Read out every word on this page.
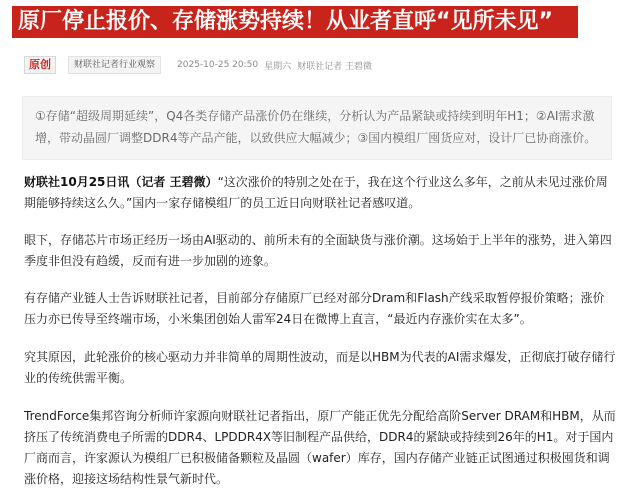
原厂停止报价、存储涨势持续！从业者直呼“见所未见”
原创	财联社记者行业观察	2025-10-25 20:50 星期六 财联社记者 王碧微
①存储“超级周期延续”，Q4各类存储产品涨价仍在继续，分析认为产品紧缺或持续到明年H1；②AI需求激增，带动晶圆厂调整DDR4等产品产能，以致供应大幅减少；③国内模组厂囤货应对，设计厂已协商涨价。

财联社10月25日讯（记者 王碧微）“这次涨价的特别之处在于，我在这个行业这么多年，之前从未见过涨价周期能够持续这么久。”国内一家存储模组厂的员工近日向财联社记者感叹道。

眼下，存储芯片市场正经历一场由AI驱动的、前所未有的全面缺货与涨价潮。这场始于上半年的涨势，进入第四季度非但没有趋缓，反而有进一步加剧的迹象。

有存储产业链人士告诉财联社记者，目前部分存储原厂已经对部分Dram和Flash产线采取暂停报价策略；涨价压力亦已传导至终端市场，小米集团创始人雷军24日在微博上直言，“最近内存涨价实在太多”。

究其原因，此轮涨价的核心驱动力并非简单的周期性波动，而是以HBM为代表的AI需求爆发，正彻底打破存储行业的传统供需平衡。

TrendForce集邦咨询分析师许家源向财联社记者指出，原厂产能正优先分配给高阶Server DRAM和HBM，从而挤压了传统消费电子所需的DDR4、LPDDR4X等旧制程产品供给，DDR4的紧缺或持续到26年的H1。对于国内厂商而言，许家源认为模组厂已积极储备颗粒及晶圆（wafer）库存，国内存储产业链正试图通过积极囤货和调涨价格，迎接这场结构性景气新时代。
